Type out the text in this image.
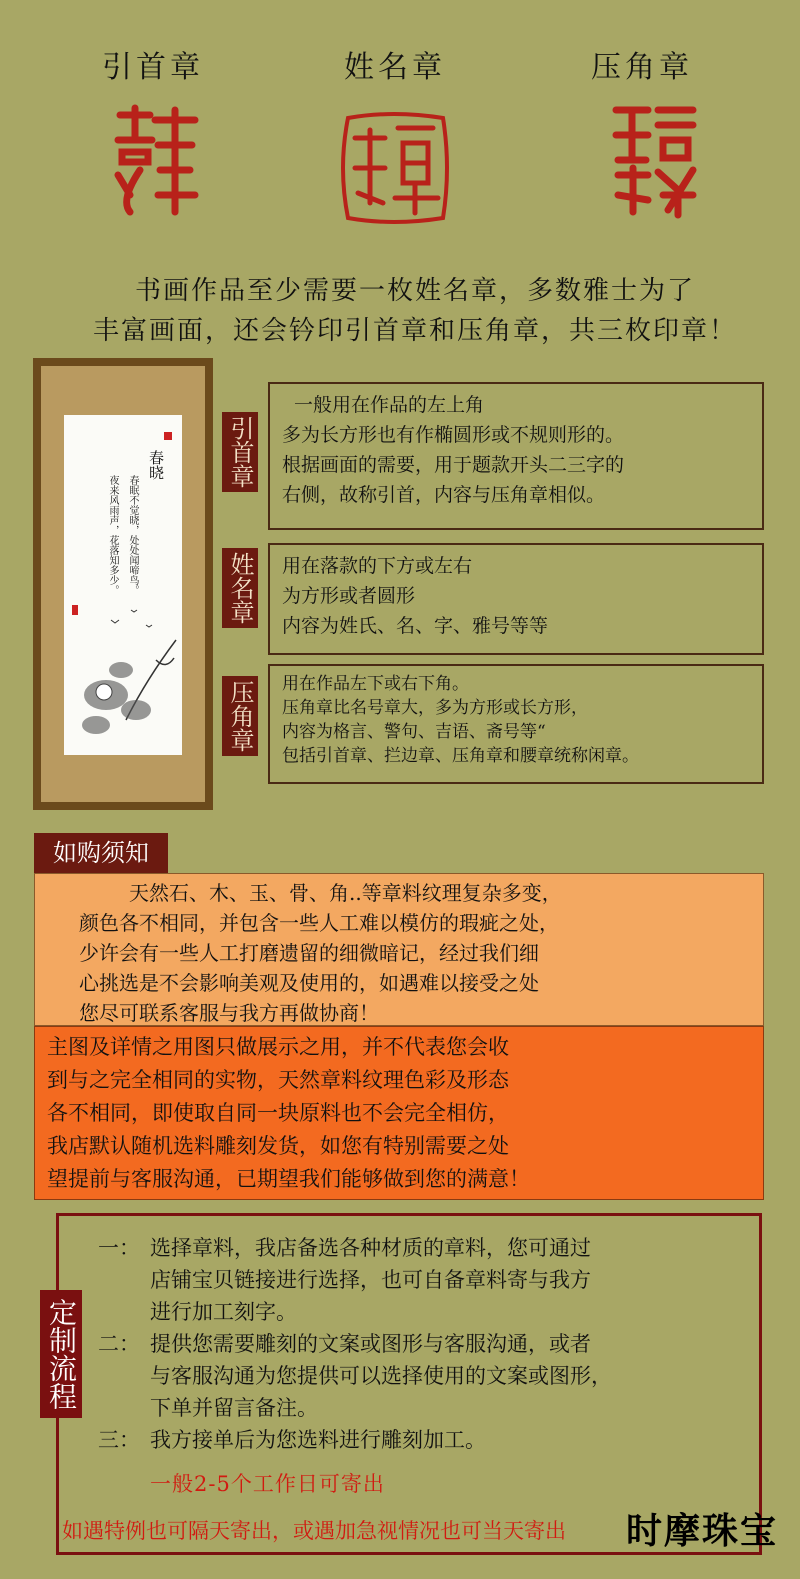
引首章	姓名章	压角章
书画作品至少需要一枚姓名章，多数雅士为了
丰富画面，还会钤印引首章和压角章，共三枚印章！
春晓
春眠不觉晓，处处闻啼鸟。
夜来风雨声，花落知多少。
引首章
一般用在作品的左上角
多为长方形也有作椭圆形或不规则形的。
根据画面的需要，用于题款开头二三字的
右侧，故称引首，内容与压角章相似。
姓名章 用在落款的下方或左右
为方形或者圆形
内容为姓氏、名、字、雅号等等
压角章 用在作品左下或右下角。
压角章比名号章大，多为方形或长方形，
内容为格言、警句、吉语、斋号等“
包括引首章、拦边章、压角章和腰章统称闲章。
如购须知
天然石、木、玉、骨、角..等章料纹理复杂多变，
颜色各不相同，并包含一些人工难以模仿的瑕疵之处，
少许会有一些人工打磨遗留的细微暗记，经过我们细
心挑选是不会影响美观及使用的，如遇难以接受之处
您尽可联系客服与我方再做协商！
主图及详情之用图只做展示之用，并不代表您会收
到与之完全相同的实物，天然章料纹理色彩及形态
各不相同，即使取自同一块原料也不会完全相仿，
我店默认随机选料雕刻发货，如您有特别需要之处
望提前与客服沟通，已期望我们能够做到您的满意！
定制流程
一： 选择章料，我店备选各种材质的章料，您可通过
店铺宝贝链接进行选择，也可自备章料寄与我方
进行加工刻字。
二： 提供您需要雕刻的文案或图形与客服沟通，或者
与客服沟通为您提供可以选择使用的文案或图形，
下单并留言备注。
三： 我方接单后为您选料进行雕刻加工。
一般2-5个工作日可寄出
如遇特例也可隔天寄出，或遇加急视情况也可当天寄出 时摩珠宝
